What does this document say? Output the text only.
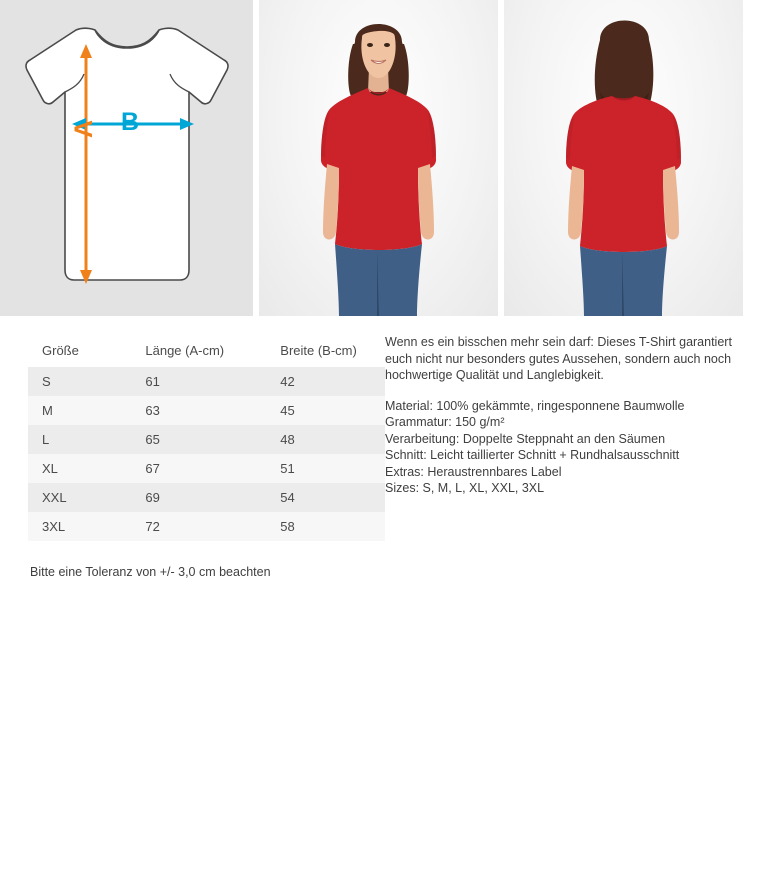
A B
Größe	Länge (A-cm)	Breite (B-cm)
S	61	42
M	63	45
L	65	48
XL	67	51
XXL	69	54
3XL	72	58
Bitte eine Toleranz von +/- 3,0 cm beachten

Wenn es ein bisschen mehr sein darf: Dieses T-Shirt garantiert euch nicht nur besonders gutes Aussehen, sondern auch noch hochwertige Qualität und Langlebigkeit.

Material: 100% gekämmte, ringesponnene Baumwolle

Grammatur: 150 g/m²

Verarbeitung: Doppelte Steppnaht an den Säumen

Schnitt: Leicht taillierter Schnitt + Rundhalsausschnitt

Extras: Heraustrennbares Label

Sizes: S, M, L, XL, XXL, 3XL
